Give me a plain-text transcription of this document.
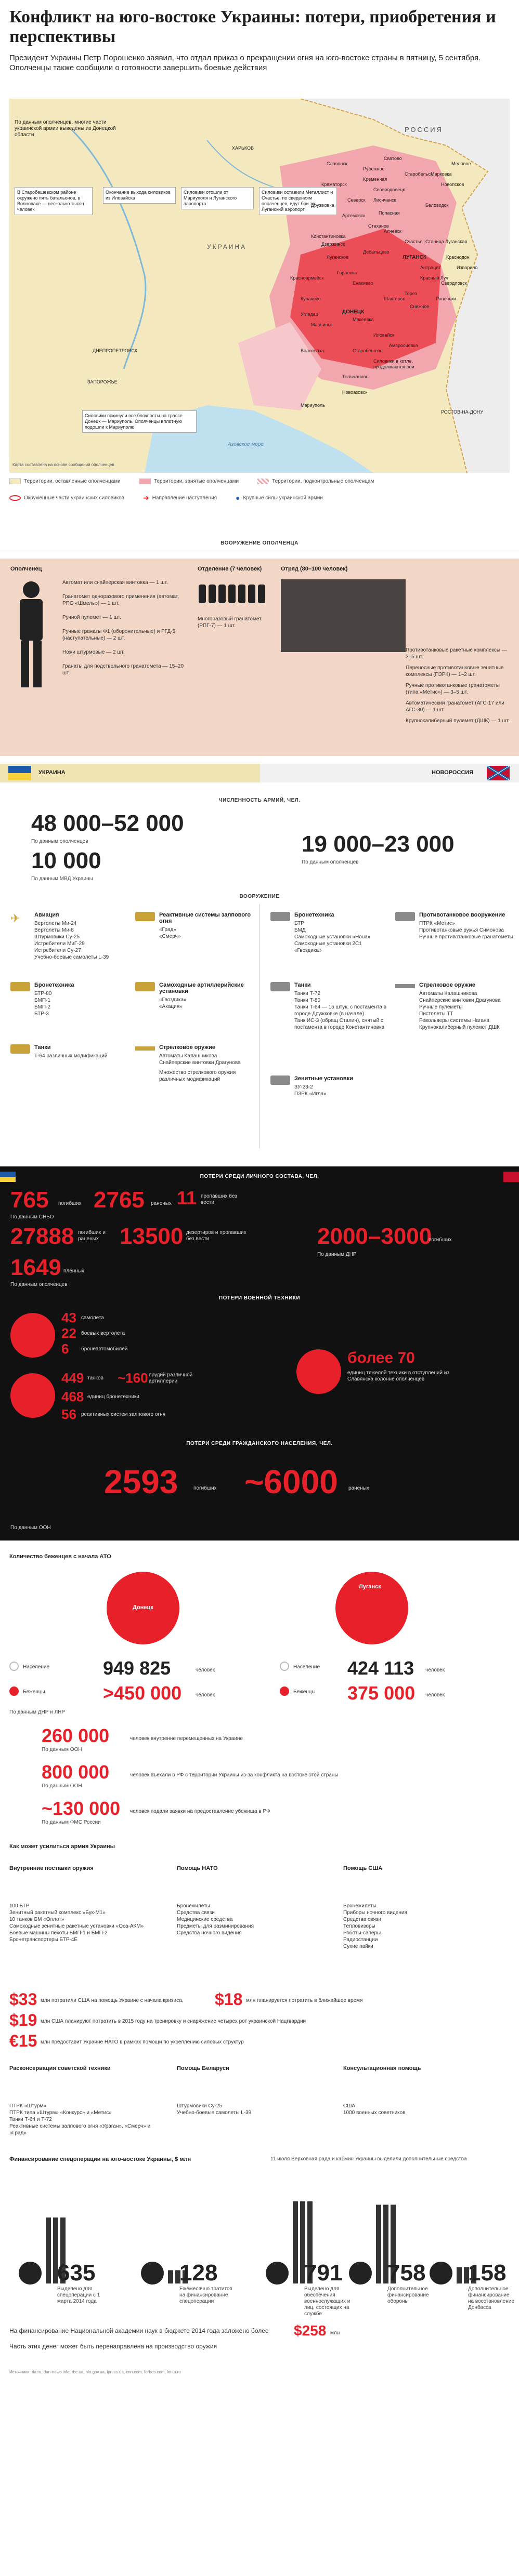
Конфликт на юго-востоке Украины: потери, приобретения и перспективы
Президент Украины Петр Порошенко заявил, что отдал приказ о прекращении огня на юго-востоке страны в пятницу, 5 сентября. Ополченцы также сообщили о готовности завершить боевые действия
РОССИЯ
УКРАИНА
ХАРЬКОВ
ДНЕПРОПЕТРОВСК
ЗАПОРОЖЬЕ
ЛУГАНСК
ДОНЕЦК
РОСТОВ-НА-ДОНУ
Азовское море
Мариуполь
Новоазовск
По данным ополченцев, многие части украинской армии выведены из Донецкой области
В Старобешевском районе окружено пять батальонов, в Волновахе — несколько тысяч человек
Окончание выхода силовиков из Иловайска
Силовики отошли от Мариуполя и Луганского аэропорта
Силовики оставили Металлист и Счастье, по сведениям ополченцев, идут бои за Луганский аэропорт
Силовики покинули все блокпосты на трассе Донецк — Мариуполь. Ополченцы вплотную подошли к Мариуполю
Силовики в котле, продолжаются бои
Славянск
Краматорск
Артемовск
Северодонецк
Лисичанск
Алчевск
Стаханов
Дебальцево
Горловка
Енакиево
Макеевка
Шахтерск
Торез
Снежное
Иловайск
Амвросиевка
Волноваха	Старобешево
Тельманово
Марьинка
Красный Луч
Свердловск
Антрацит
Ровеньки
Краснодон
Изварино
Счастье Станица Луганская
Беловодск
Марковка
Новопсков
Сватово
Старобельск
Меловое
Кременная
Рубежное
Попасная
Луганское
Северск
Константиновка
Дружковка
Дзержинск
Красноармейск
Курахово
Угледар
Карта составлена на основе сообщений ополченцев
Территории, оставленные ополченцами	Территории, занятые ополченцами	Территории, подконтрольные ополченцам
Окруженные части украинских силовиков	➜ Направление наступления	● Крупные силы украинской армии
ВООРУЖЕНИЕ ОПОЛЧЕНЦА
Ополченец	Отделение (7 человек)	Отряд (80–100 человек)
Автомат или снайперская винтовка — 1 шт.
Гранатомет одноразового применения (автомат, РПО «Шмель») — 1 шт.
Ручной пулемет — 1 шт.
Ручные гранаты Ф1 (оборонительные) и РГД-5 (наступательные) — 2 шт.
Ножи штурмовые — 2 шт.
Гранаты для подствольного гранатомета — 15–20 шт.
Многоразовый гранатомет (РПГ-7) — 1 шт.
Противотанковые ракетные комплексы — 3–5 шт.
Переносные противотанковые зенитные комплексы (ПЗРК) — 1–2 шт.
Ручные противотанковые гранатометы (типа «Метис») — 3–5 шт.
Автоматический гранатомет (АГС-17 или АГС-30) — 1 шт.
Крупнокалиберный пулемет (ДШК) — 1 шт.
УКРАИНА	НОВОРОССИЯ
ЧИСЛЕННОСТЬ АРМИЙ, ЧЕЛ.
48 000–52 000
По данным ополченцев
10 000
По данным МВД Украины
19 000–23 000
По данным ополченцев
ВООРУЖЕНИЕ
Авиация
Вертолеты Ми-24
Вертолеты Ми-8
Штурмовики Су-25
Истребители МиГ-29
Истребители Су-27
Учебно-боевые самолеты L-39
✈	Реактивные системы залпового огня
«Град»
«Смерч»
Бронетехника
БТР-80
БМП-1
БМП-2
БТР-3
Самоходные артиллерийские установки
«Гвоздика»
«Акация»
Танки
Т-64 различных модификаций
Стрелковое оружие
Автоматы Калашникова
Снайперские винтовки Драгунова
Множество стрелкового оружия различных модификаций
Бронетехника
БТР
БМД
Самоходные установки «Нона»
Самоходные установки 2С1 «Гвоздика»
Противотанковое вооружение
ПТРК «Метис»
Противотанковые ружья Симонова
Ручные противотанковые гранатометы
Танки
Танки Т-72
Танки Т-80
Танки Т-64 — 15 штук, с постамента в городе Дружковке (в начале)
Танк ИС-3 (обращ Сталин), снятый с постамента в городе Константиновка
Стрелковое оружие
Автоматы Калашникова
Снайперские винтовки Драгунова
Ручные пулеметы
Пистолеты ТТ
Револьверы системы Нагана
Крупнокалиберный пулемет ДШК
Зенитные установки
ЗУ-23-2
ПЗРК «Игла»
ПОТЕРИ СРЕДИ ЛИЧНОГО СОСТАВА, ЧЕЛ.
765 погибших 2765 раненых 11 пропавших без вести
По данным СНБО
27888 погибших и раненых 13500 дезертиров и пропавших без вести
1649 пленных
По данным ополченцев
2000–3000
погибших
По данным ДНР
ПОТЕРИ ВОЕННОЙ ТЕХНИКИ
43 самолета
22 боевых вертолета
6 бронеавтомобилей
449 танков ~160 орудий различной артиллерии
468 единиц бронетехники
56 реактивных систем залпового огня
более 70
единиц тяжелой техники в отступлений из Славянска колонне ополченцев
ПОТЕРИ СРЕДИ ГРАЖДАНСКОГО НАСЕЛЕНИЯ, ЧЕЛ.
2593	погибших ~6000 раненых
По данным ООН
Количество беженцев с начала АТО
Донецк
Луганск
Население	949 825	человек
Население 424 113 человек
Беженцы	>450 000	человек
Беженцы 375 000 человек
По данным ДНР и ЛНР
260 000	человек внутренне перемещенных на Украине
По данным ООН
800 000	человек въехали в РФ с территории Украины из-за конфликта на востоке этой страны
По данным ООН
~130 000 человек подали заявки на предоставление убежища в РФ
По данным ФМС России
Как может усилиться армия Украины
Внутренние поставки оружия
100 БТР
Зенитный ракетный комплекс «Бук-М1»
10 танков БМ «Оплот»
Самоходные зенитные ракетные установки «Оса-АКМ»
Боевые машины пехоты БМП-1 и БМП-2
Бронетранспортеры БТР-4Е
Помощь НАТО
Бронежилеты
Средства связи
Медицинские средства
Предметы для разминирования
Средства ночного видения
Помощь США
Бронежилеты
Приборы ночного видения
Средства связи
Тепловизоры
Роботы-саперы
Радиостанции
Сухие пайки
$33 млн потратили США на помощь Украине с начала кризиса, $18 млн планируется потратить в ближайшее время
$19 млн США планируют потратить в 2015 году на тренировку и снаряжение четырех рот украинской Нацгвардии
€15 млн предоставит Украине НАТО в рамках помощи по укреплению силовых структур
Расконсервация советской техники
ПТРК «Штурм»
ПТРК типа «Штурм» «Конкурс» и «Метис»
Танки Т-64 и Т-72
Реактивные системы залпового огня «Ураган», «Смерч» и «Град»
Помощь Беларуси
Штурмовики Су-25
Учебно-боевые самолеты L-39
Консультационная помощь
США
1000 военных советников
Финансирование спецоперации на юго-востоке Украины, $ млн	11 июля Верховная рада и кабмин Украины выделили дополнительные средства
635
Выделено для спецоперации с 1 марта 2014 года
128
Ежемесячно тратится на финансирование спецоперации
791
Выделено для обеспечения военнослужащих и лиц, состоящих на службе
758
Дополнительное финансирование обороны
158
Дополнительное финансирование на восстановление Донбасса
На финансирование Национальной академии наук в бюджете 2014 года заложено более $258 млн
Часть этих денег может быть перенаправлена на производство оружия
Источники: ria.ru, dan-news.info, rbc.ua, nlo.gov.ua, ipress.ua, cnn.com, forbes.com, lenta.ru
